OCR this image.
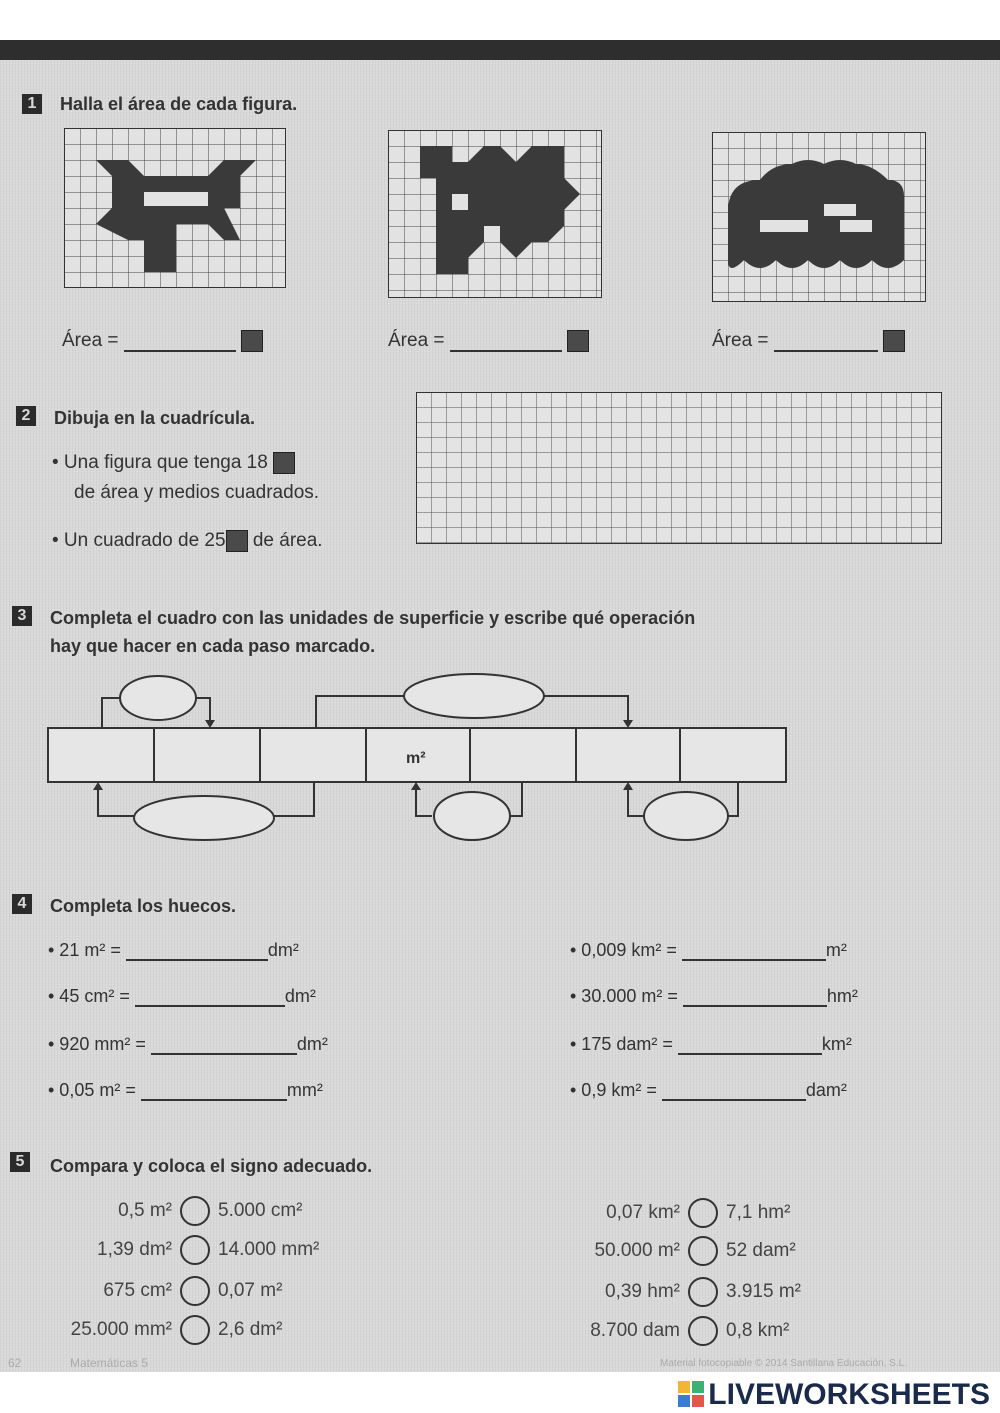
1	Halla el área de cada figura.
Área =	Área =	Área =
2	Dibuja en la cuadrícula.
• Una figura que tenga 18
de área y medios cuadrados.
• Un cuadrado de 25 de área.
3	Completa el cuadro con las unidades de superficie y escribe qué operación
hay que hacer en cada paso marcado.
m²
4	Completa los huecos.
• 21 m² =	dm²
• 45 cm² =	dm²
• 920 mm² =	dm²
• 0,05 m² =	mm²
• 0,009 km² =	m²
• 30.000 m² =	hm²
• 175 dam² =	km²
• 0,9 km² =	dam²
5	Compara y coloca el signo adecuado.
0,5 m² 5.000 cm²
1,39 dm² 14.000 mm²
675 cm² 0,07 m²
25.000 mm² 2,6 dm²
0,07 km² 7,1 hm²
50.000 m² 52 dam²
0,39 hm² 3.915 m²
8.700 dam 0,8 km²
62	Matemáticas 5	Material fotocopiable © 2014 Santillana Educación, S.L.
LIVEWORKSHEETS
